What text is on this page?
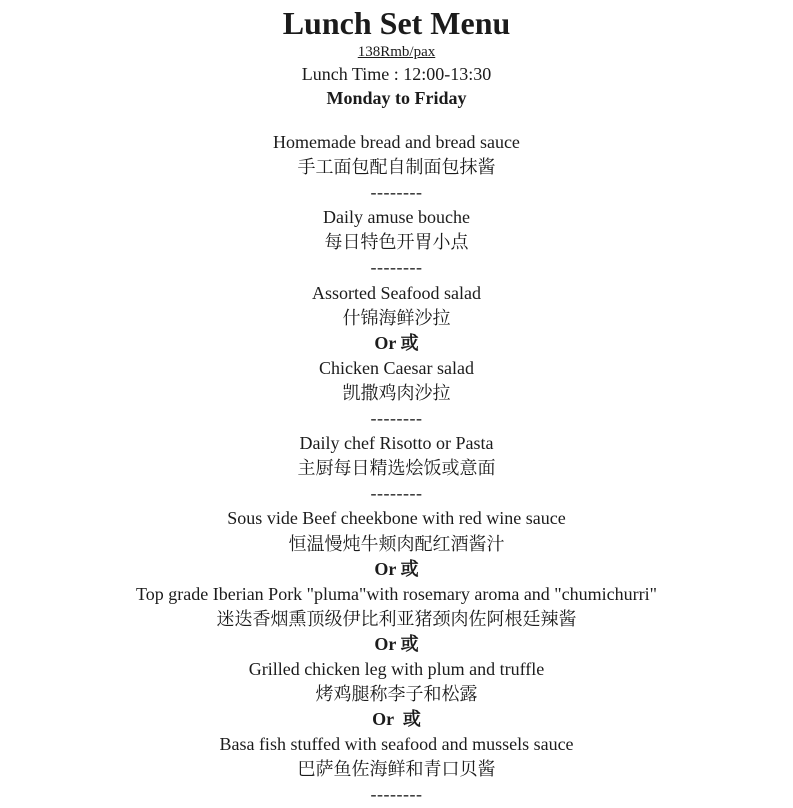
Lunch Set Menu
138Rmb/pax
Lunch Time : 12:00-13:30
Monday to Friday
Homemade bread and bread sauce
手工面包配自制面包抹酱
--------
Daily amuse bouche
每日特色开胃小点
--------
Assorted Seafood salad
什锦海鲜沙拉
Or 或
Chicken Caesar salad
凯撒鸡肉沙拉
--------
Daily chef Risotto or Pasta
主厨每日精选烩饭或意面
--------
Sous vide Beef cheekbone with red wine sauce
恒温慢炖牛颊肉配红酒酱汁
Or 或
Top grade Iberian Pork "pluma"with rosemary aroma and "chumichurri"
迷迭香烟熏顶级伊比利亚猪颈肉佐阿根廷辣酱
Or 或
Grilled chicken leg with plum and truffle
烤鸡腿称李子和松露
Or  或
Basa fish stuffed with seafood and mussels sauce
巴萨鱼佐海鲜和青口贝酱
--------
